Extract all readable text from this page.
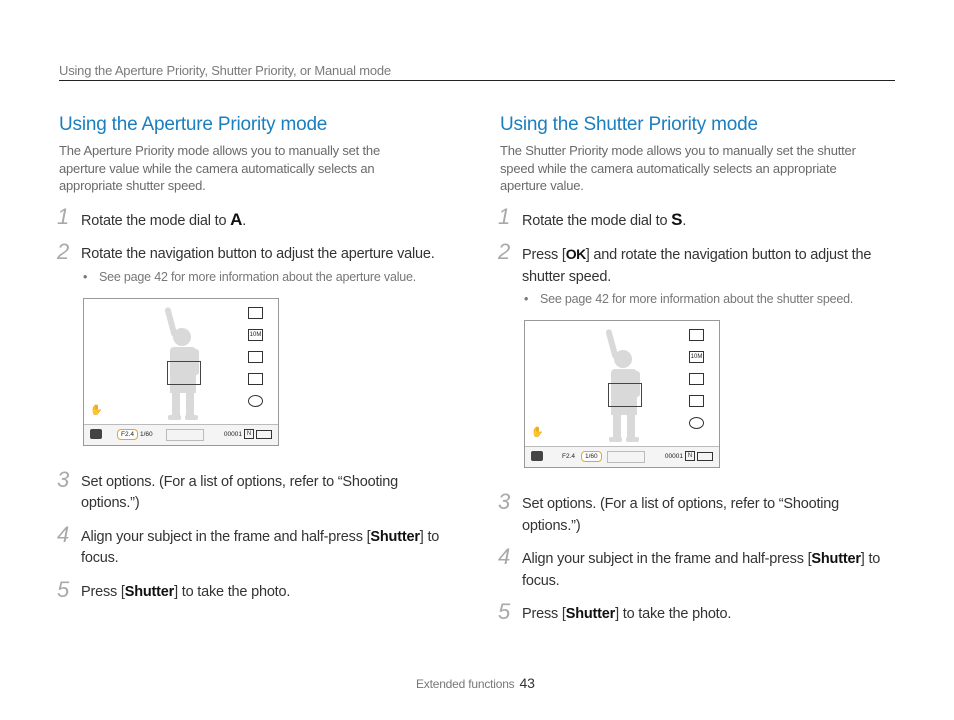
Using the Aperture Priority, Shutter Priority, or Manual mode
Using the Aperture Priority mode

The Aperture Priority mode allows you to manually set the aperture value while the camera automatically selects an appropriate shutter speed.

1 Rotate the mode dial to A.
2 Rotate the navigation button to adjust the aperture value.
• See page 42 for more information about the aperture value.
10M
✋
F2.4 1/60	00001 N
3 Set options. (For a list of options, refer to “Shooting options.”)
4 Align your subject in the frame and half-press [Shutter] to focus.
5 Press [Shutter] to take the photo.
Using the Shutter Priority mode

The Shutter Priority mode allows you to manually set the shutter speed while the camera automatically selects an appropriate aperture value.

1 Rotate the mode dial to S.
2 Press [OK] and rotate the navigation button to adjust the shutter speed.
• See page 42 for more information about the shutter speed.
10M
✋
F2.4	1/60	00001 N
3 Set options. (For a list of options, refer to “Shooting options.”)
4 Align your subject in the frame and half-press [Shutter] to focus.
5 Press [Shutter] to take the photo.
Extended functions 43
